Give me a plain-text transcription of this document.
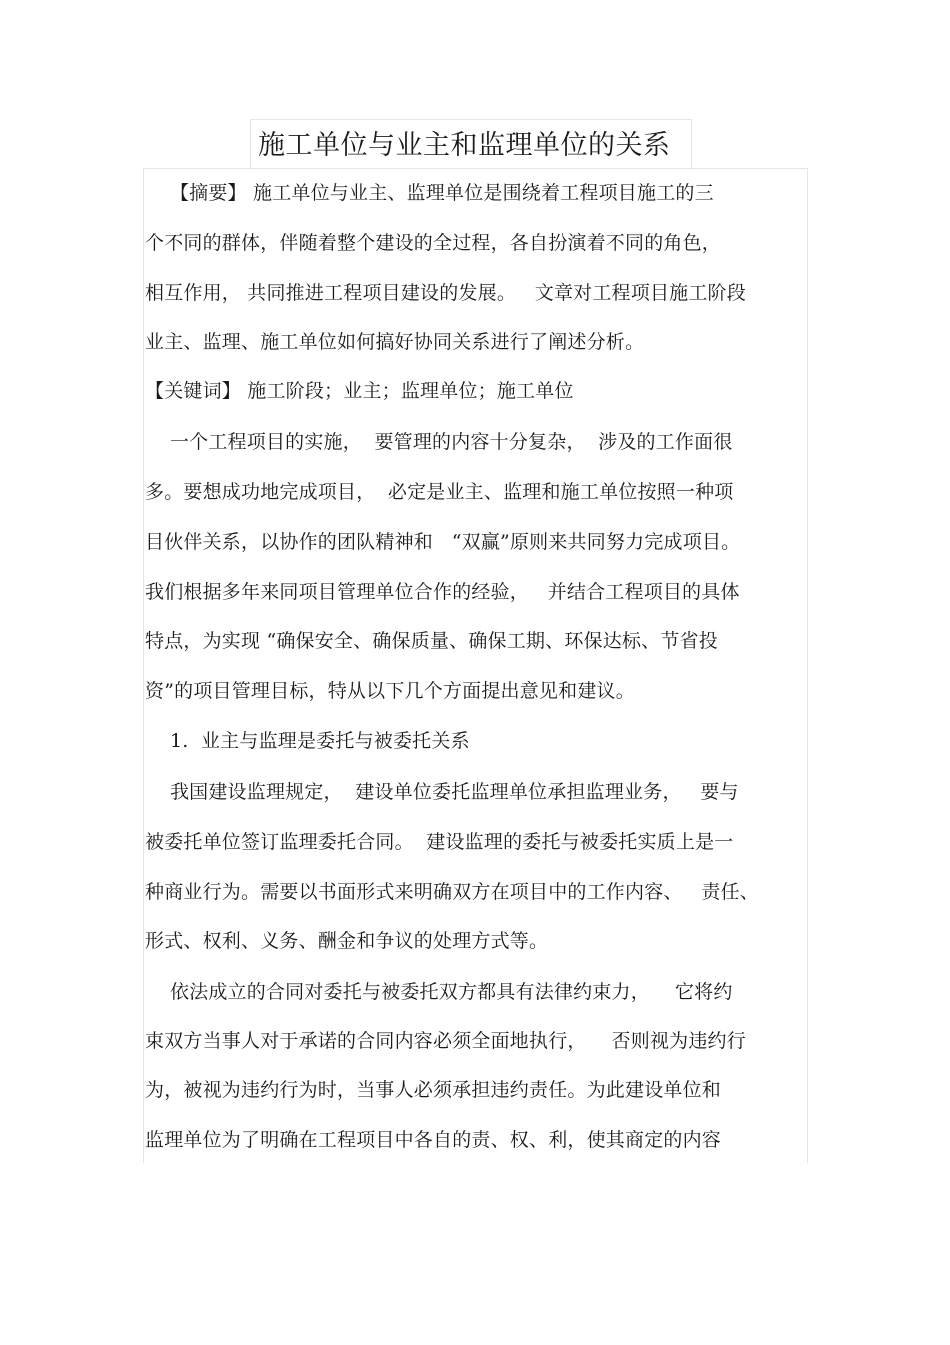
施工单位与业主和监理单位的关系

【摘要】 施工单位与业主、监理单位是围绕着工程项目施工的三

个不同的群体，伴随着整个建设的全过程，各自扮演着不同的角色，

相互作用， 共同推进工程项目建设的发展。   文章对工程项目施工阶段

业主、监理、施工单位如何搞好协同关系进行了阐述分析。

【关键词】 施工阶段；业主；监理单位；施工单位

一个工程项目的实施，  要管理的内容十分复杂，  涉及的工作面很

多。要想成功地完成项目，  必定是业主、监理和施工单位按照一种项

目伙伴关系，以协作的团队精神和   “双赢”原则来共同努力完成项目。

我们根据多年来同项目管理单位合作的经验，   并结合工程项目的具体

特点，为实现 “确保安全、确保质量、确保工期、环保达标、节省投

资”的项目管理目标，特从以下几个方面提出意见和建议。

1.  业主与监理是委托与被委托关系

我国建设监理规定，  建设单位委托监理单位承担监理业务，   要与

被委托单位签订监理委托合同。  建设监理的委托与被委托实质上是一

种商业行为。需要以书面形式来明确双方在项目中的工作内容、   责任、

形式、权利、义务、酬金和争议的处理方式等。

依法成立的合同对委托与被委托双方都具有法律约束力，    它将约

束双方当事人对于承诺的合同内容必须全面地执行，    否则视为违约行

为，被视为违约行为时，当事人必须承担违约责任。为此建设单位和

监理单位为了明确在工程项目中各自的责、权、利，使其商定的内容
